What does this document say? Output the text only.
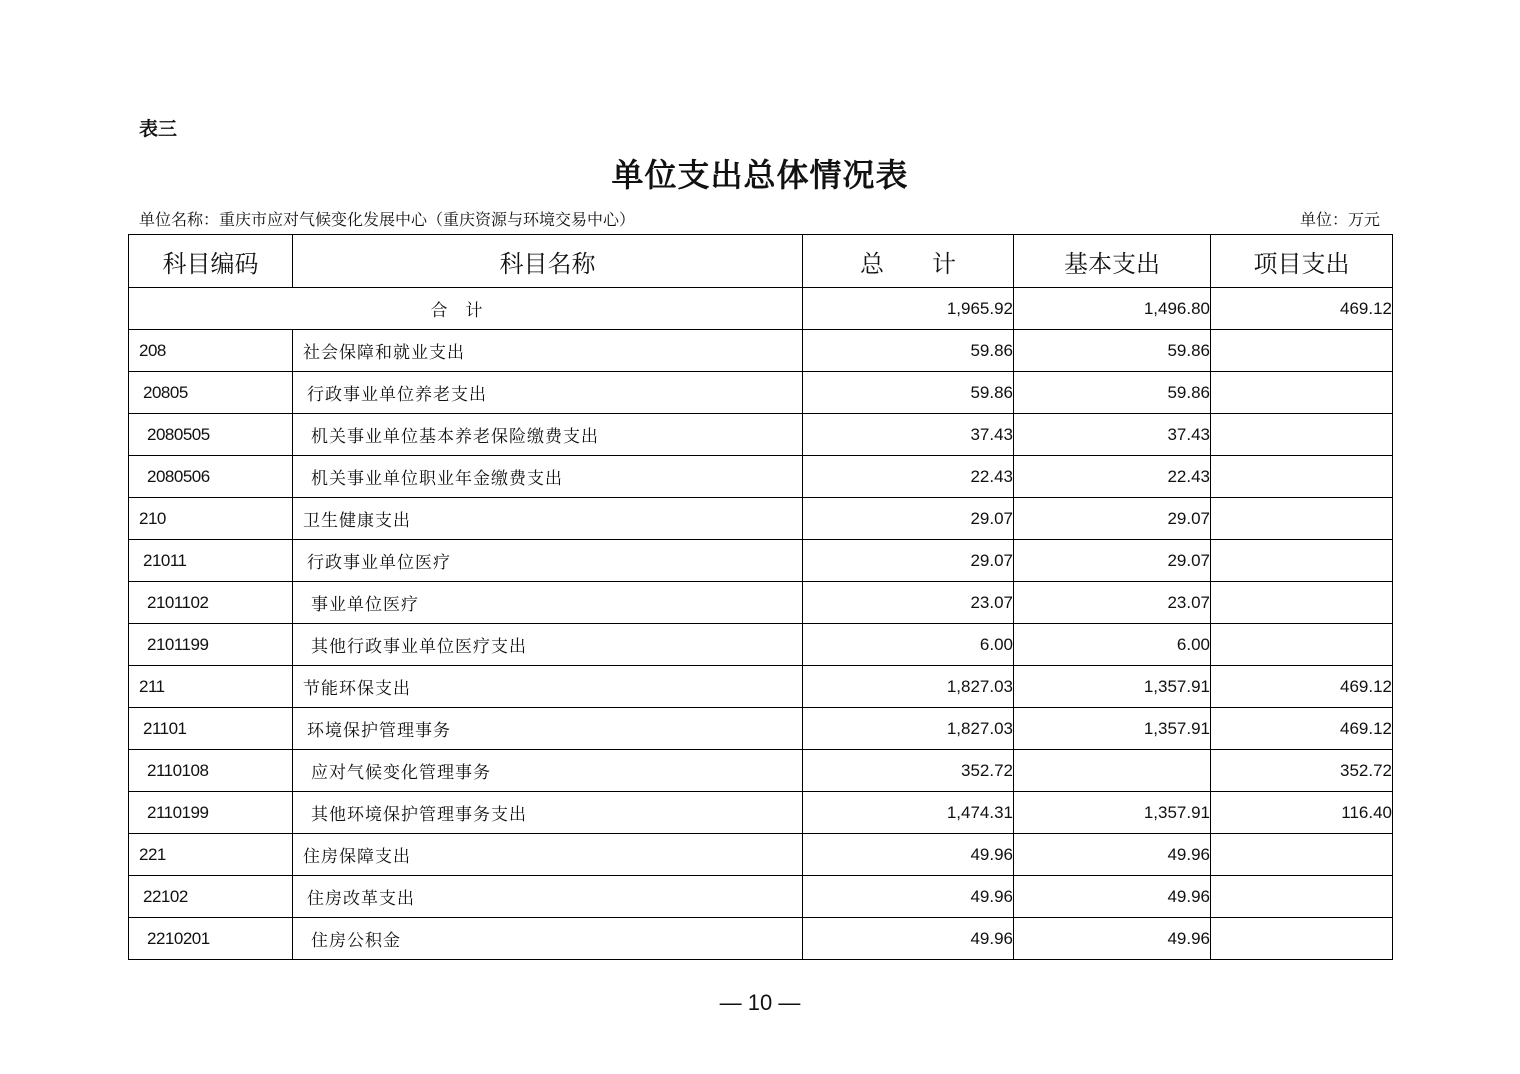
表三
单位支出总体情况表
单位名称：重庆市应对气候变化发展中心（重庆资源与环境交易中心）	单位：万元
科目编码	科目名称	总　　计	基本支出	项目支出
合计		1,965.92	1,496.80	469.12
208	社会保障和就业支出	59.86	59.86	
20805	行政事业单位养老支出	59.86	59.86	
2080505	机关事业单位基本养老保险缴费支出	37.43	37.43	
2080506	机关事业单位职业年金缴费支出	22.43	22.43	
210	卫生健康支出	29.07	29.07	
21011	行政事业单位医疗	29.07	29.07	
2101102	事业单位医疗	23.07	23.07	
2101199	其他行政事业单位医疗支出	6.00	6.00	
211	节能环保支出	1,827.03	1,357.91	469.12
21101	环境保护管理事务	1,827.03	1,357.91	469.12
2110108	应对气候变化管理事务	352.72		352.72
2110199	其他环境保护管理事务支出	1,474.31	1,357.91	116.40
221	住房保障支出	49.96	49.96	
22102	住房改革支出	49.96	49.96	
2210201	住房公积金	49.96	49.96	
— 10 —
